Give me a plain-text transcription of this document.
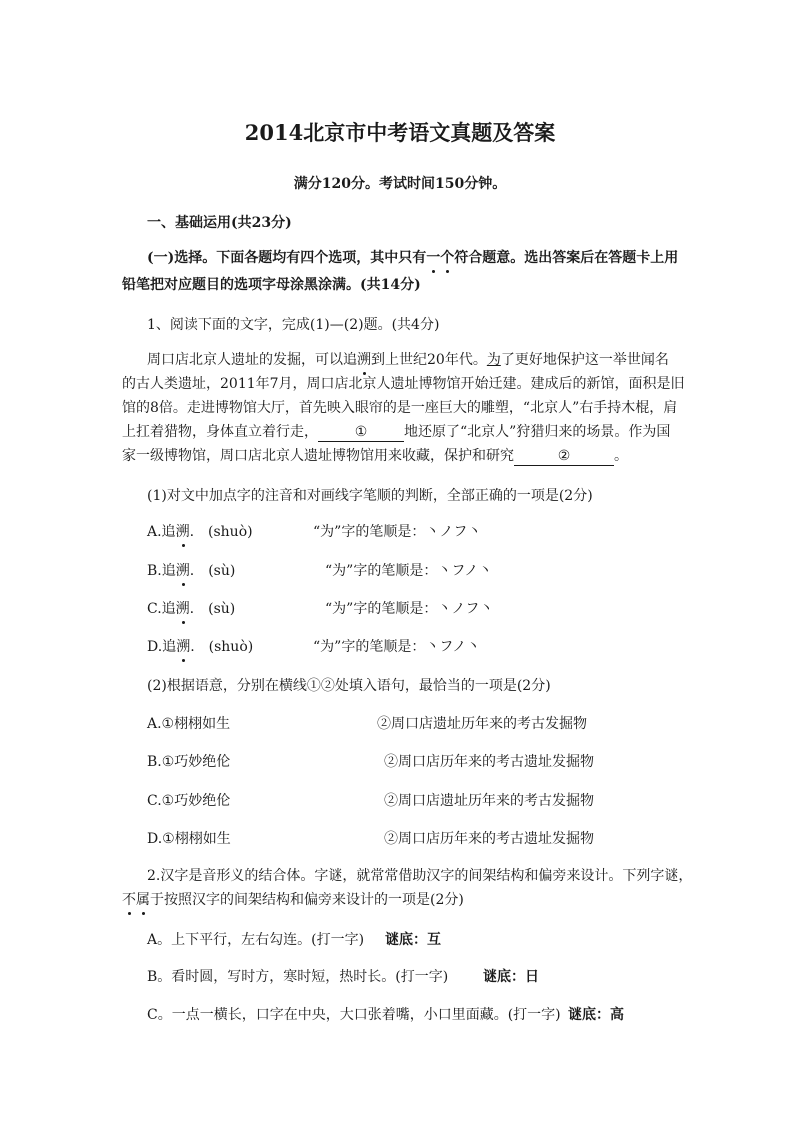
2014北京市中考语文真题及答案
满分120分。考试时间150分钟。
一、基础运用(共23分)
(一)选择。下面各题均有四个选项，其中只有一个符合题意。选出答案后在答题卡上用
铅笔把对应题目的选项字母涂黑涂满。(共14分)
1、阅读下面的文字，完成(1)—(2)题。(共4分)
周口店北京人遗址的发掘，可以追溯到上世纪20年代。为了更好地保护这一举世闻名
的古人类遗址，2011年7月，周口店北京人遗址博物馆开始迁建。建成后的新馆，面积是旧
馆的8倍。走进博物馆大厅，首先映入眼帘的是一座巨大的雕塑，“北京人”右手持木棍，肩
上扛着猎物，身体直立着行走，	①	地还原了“北京人”狩猎归来的场景。作为国
家一级博物馆，周口店北京人遗址博物馆用来收藏，保护和研究	②	。
(1)对文中加点字的注音和对画线字笔顺的判断，全部正确的一项是(2分)
A.追溯.　(shuò)	“为”字的笔顺是：丶ノフ丶
B.追溯.　(sù)	“为”字的笔顺是：丶フノ丶
C.追溯.　(sù)	“为”字的笔顺是：丶ノフ丶
D.追溯.　(shuò)	“为”字的笔顺是：丶フノ丶
(2)根据语意，分别在横线①②处填入语句，最恰当的一项是(2分)
A.①栩栩如生	②周口店遗址历年来的考古发掘物
B.①巧妙绝伦	②周口店历年来的考古遗址发掘物
C.①巧妙绝伦	②周口店遗址历年来的考古发掘物
D.①栩栩如生	②周口店历年来的考古遗址发掘物
2.汉字是音形义的结合体。字谜，就常常借助汉字的间架结构和偏旁来设计。下列字谜，
不属于按照汉字的间架结构和偏旁来设计的一项是(2分)
A。上下平行，左右勾连。(打一字) 谜底：互
B。看时圆，写时方，寒时短，热时长。(打一字) 谜底：日
C。一点一横长，口字在中央，大口张着嘴，小口里面藏。(打一字) 谜底：高
